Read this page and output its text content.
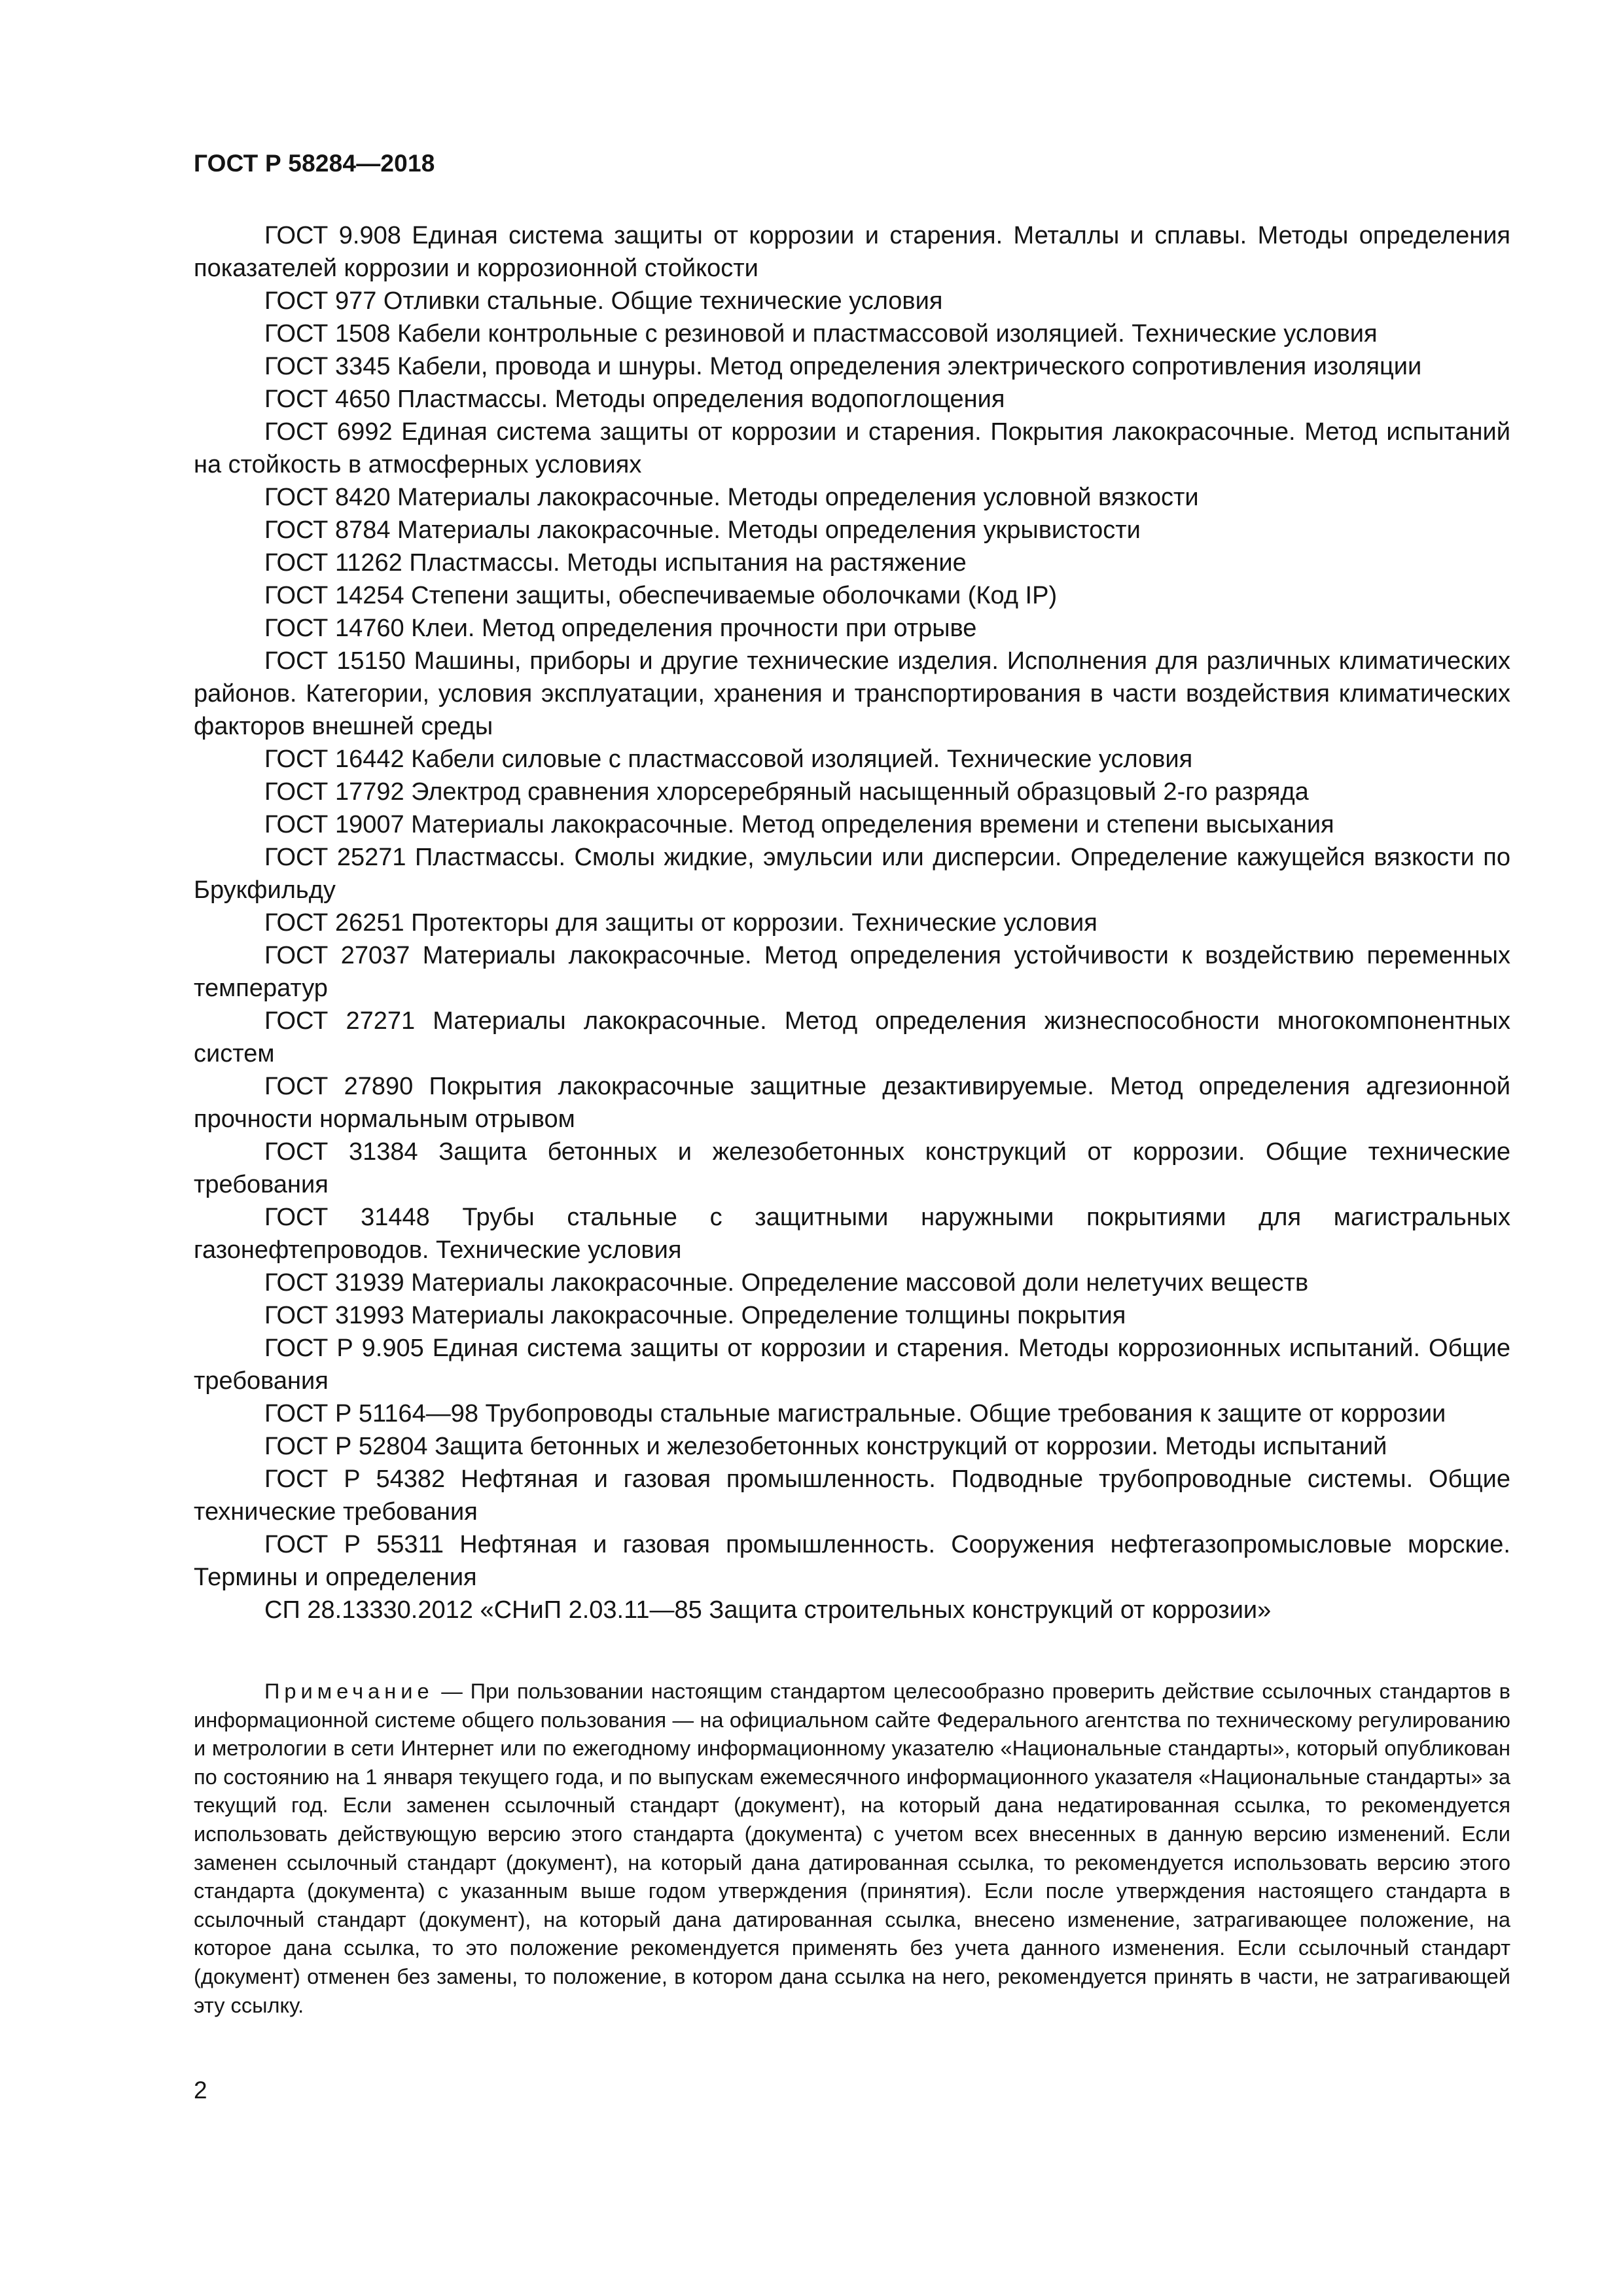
ГОСТ Р 58284—2018
ГОСТ 9.908 Единая система защиты от коррозии и старения. Металлы и сплавы. Методы определения показателей коррозии и коррозионной стойкости
ГОСТ 977 Отливки стальные. Общие технические условия
ГОСТ 1508 Кабели контрольные с резиновой и пластмассовой изоляцией. Технические условия
ГОСТ 3345 Кабели, провода и шнуры. Метод определения электрического сопротивления изоляции
ГОСТ 4650 Пластмассы. Методы определения водопоглощения
ГОСТ 6992 Единая система защиты от коррозии и старения. Покрытия лакокрасочные. Метод испытаний на стойкость в атмосферных условиях
ГОСТ 8420 Материалы лакокрасочные. Методы определения условной вязкости
ГОСТ 8784 Материалы лакокрасочные. Методы определения укрывистости
ГОСТ 11262 Пластмассы. Методы испытания на растяжение
ГОСТ 14254 Степени защиты, обеспечиваемые оболочками (Код IP)
ГОСТ 14760 Клеи. Метод определения прочности при отрыве
ГОСТ 15150 Машины, приборы и другие технические изделия. Исполнения для различных климатических районов. Категории, условия эксплуатации, хранения и транспортирования в части воздействия климатических факторов внешней среды
ГОСТ 16442 Кабели силовые с пластмассовой изоляцией. Технические условия
ГОСТ 17792 Электрод сравнения хлорсеребряный насыщенный образцовый 2-го разряда
ГОСТ 19007 Материалы лакокрасочные. Метод определения времени и степени высыхания
ГОСТ 25271 Пластмассы. Смолы жидкие, эмульсии или дисперсии. Определение кажущейся вязкости по Брукфильду
ГОСТ 26251 Протекторы для защиты от коррозии. Технические условия
ГОСТ 27037 Материалы лакокрасочные. Метод определения устойчивости к воздействию переменных температур
ГОСТ 27271 Материалы лакокрасочные. Метод определения жизнеспособности многокомпонентных систем
ГОСТ 27890 Покрытия лакокрасочные защитные дезактивируемые. Метод определения адгезионной прочности нормальным отрывом
ГОСТ 31384 Защита бетонных и железобетонных конструкций от коррозии. Общие технические требования
ГОСТ 31448 Трубы стальные с защитными наружными покрытиями для магистральных газонефтепроводов. Технические условия
ГОСТ 31939 Материалы лакокрасочные. Определение массовой доли нелетучих веществ
ГОСТ 31993 Материалы лакокрасочные. Определение толщины покрытия
ГОСТ Р 9.905 Единая система защиты от коррозии и старения. Методы коррозионных испытаний. Общие требования
ГОСТ Р 51164—98 Трубопроводы стальные магистральные. Общие требования к защите от коррозии
ГОСТ Р 52804 Защита бетонных и железобетонных конструкций от коррозии. Методы испытаний
ГОСТ Р 54382 Нефтяная и газовая промышленность. Подводные трубопроводные системы. Общие технические требования
ГОСТ Р 55311 Нефтяная и газовая промышленность. Сооружения нефтегазопромысловые морские. Термины и определения
СП 28.13330.2012 «СНиП 2.03.11—85 Защита строительных конструкций от коррозии»

Примечание — При пользовании настоящим стандартом целесообразно проверить действие ссылочных стандартов в информационной системе общего пользования — на официальном сайте Федерального агентства по техническому регулированию и метрологии в сети Интернет или по ежегодному информационному указателю «Национальные стандарты», который опубликован по состоянию на 1 января текущего года, и по выпускам ежемесячного информационного указателя «Национальные стандарты» за текущий год. Если заменен ссылочный стандарт (документ), на который дана недатированная ссылка, то рекомендуется использовать действующую версию этого стандарта (документа) с учетом всех внесенных в данную версию изменений. Если заменен ссылочный стандарт (документ), на который дана датированная ссылка, то рекомендуется использовать версию этого стандарта (документа) с указанным выше годом утверждения (принятия). Если после утверждения настоящего стандарта в ссылочный стандарт (документ), на который дана датированная ссылка, внесено изменение, затрагивающее положение, на которое дана ссылка, то это положение рекомендуется применять без учета данного изменения. Если ссылочный стандарт (документ) отменен без замены, то положение, в котором дана ссылка на него, рекомендуется принять в части, не затрагивающей эту ссылку.

2
